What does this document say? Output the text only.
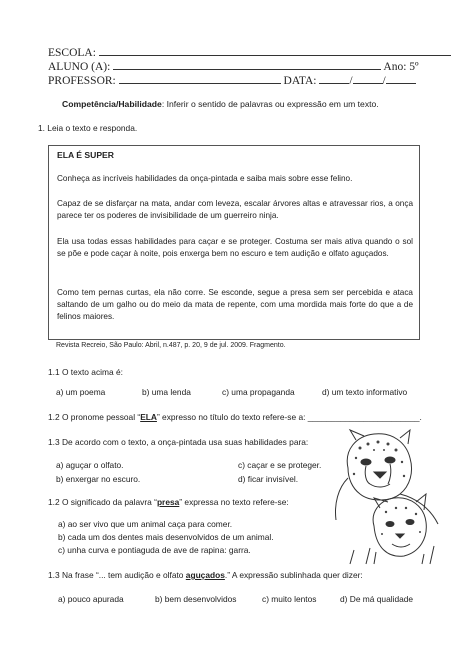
ESCOLA:
ALUNO (A):	Ano: 5º
PROFESSOR:	DATA:	/	/
Competência/Habilidade: Inferir o sentido de palavras ou expressão em um texto.
1. Leia o texto e responda.
ELA É SUPER
Conheça as incríveis habilidades da onça-pintada e saiba mais sobre esse felino.
Capaz de se disfarçar na mata, andar com leveza, escalar árvores altas e atravessar rios, a onça parece ter os poderes de invisibilidade de um guerreiro ninja.
Ela usa todas essas habilidades para caçar e se proteger. Costuma ser mais ativa quando o sol se põe e pode caçar à noite, pois enxerga bem no escuro e tem audição e olfato aguçados.
Como tem pernas curtas, ela não corre. Se esconde, segue a presa sem ser percebida e ataca saltando de um galho ou do meio da mata de repente, com uma mordida mais forte do que a de felinos maiores.
Revista Recreio, São Paulo: Abril, n.487, p. 20, 9 de jul. 2009. Fragmento.
1.1 O texto acima é:
a) um poema	b) uma lenda	c) uma propaganda	d) um texto informativo
1.2 O pronome pessoal “ELA” expresso no título do texto refere-se a: ________________________.
1.3 De acordo com o texto, a onça-pintada usa suas habilidades para:
a) aguçar o olfato.	c) caçar e se proteger.
b) enxergar no escuro.	d) ficar invisível.
1.2 O significado da palavra “presa” expressa no texto refere-se:
a) ao ser vivo que um animal caça para comer.
b) cada um dos dentes mais desenvolvidos de um animal.
c) unha curva e pontiaguda de ave de rapina: garra.
1.3 Na frase “... tem audição e olfato aguçados.” A expressão sublinhada quer dizer:
a) pouco apurada	b) bem desenvolvidos	c) muito lentos	d) De má qualidade
